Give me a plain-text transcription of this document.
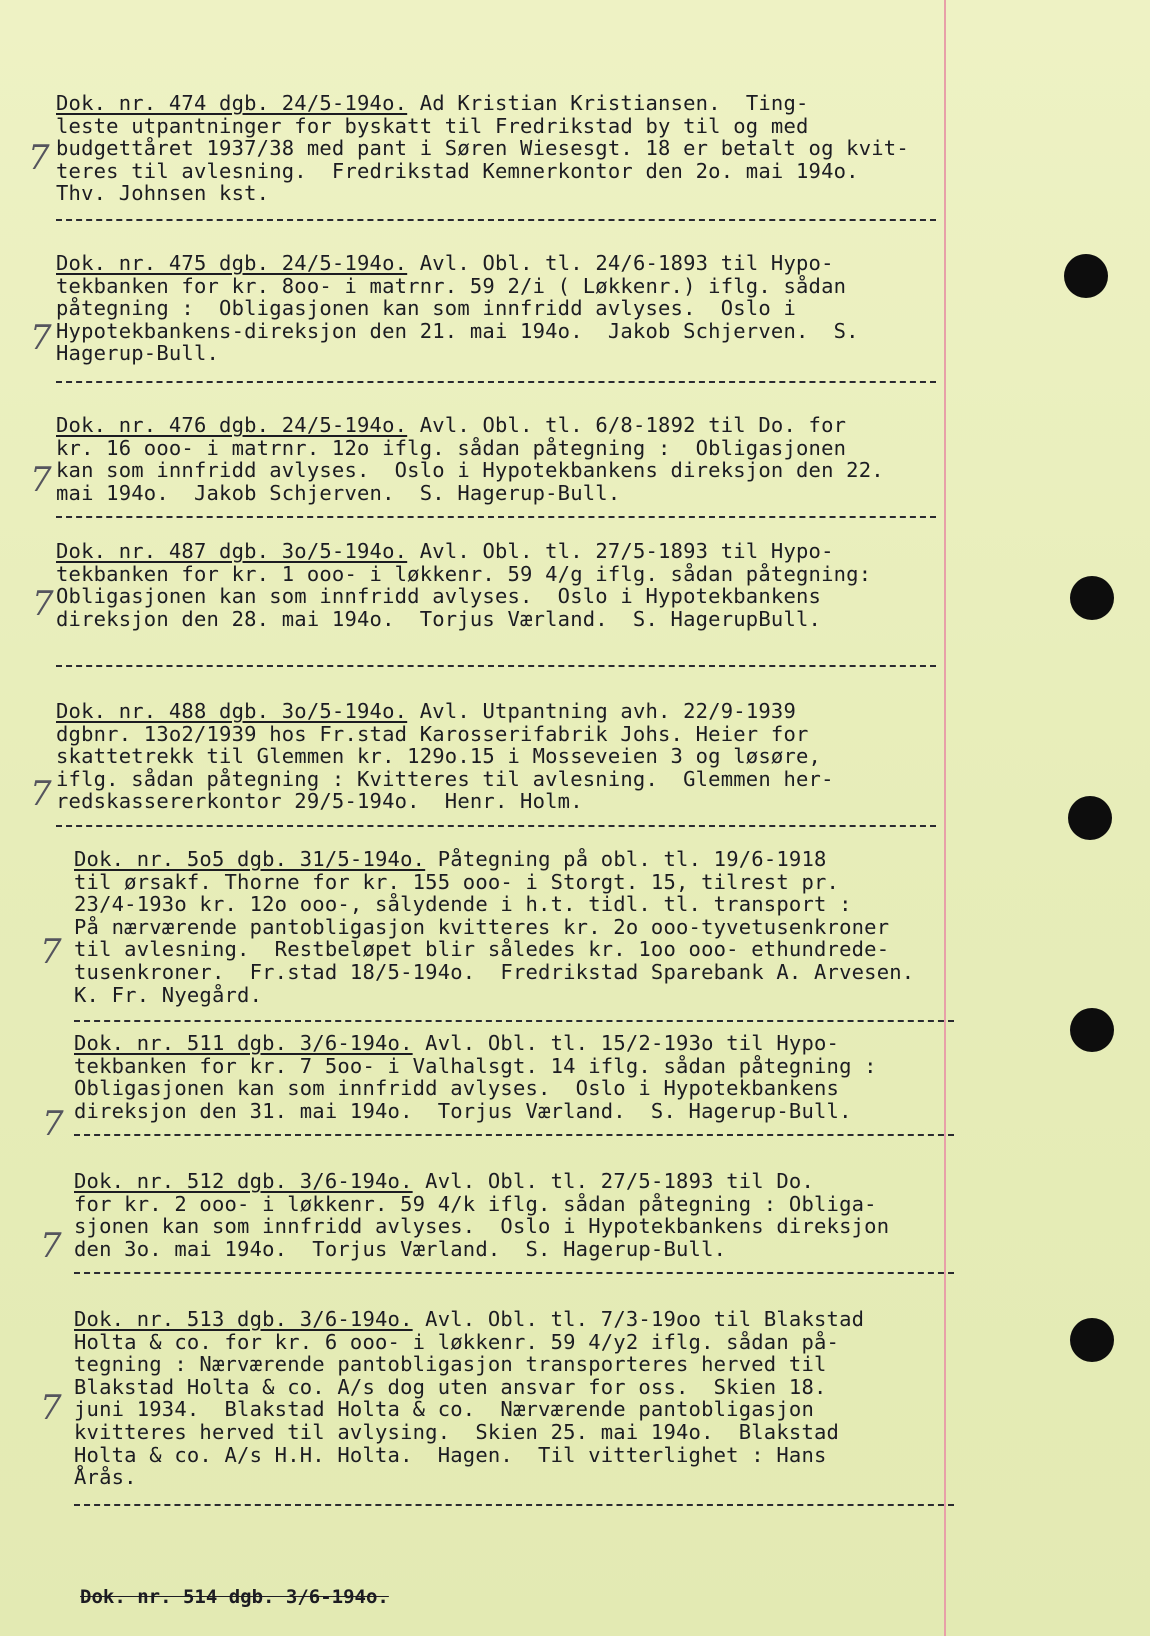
Dok. nr. 474 dgb. 24/5-194o. Ad Kristian Kristiansen.  Ting-
leste utpantninger for byskatt til Fredrikstad by til og med
budgettåret 1937/38 med pant i Søren Wiesesgt. 18 er betalt og kvit-
teres til avlesning.  Fredrikstad Kemnerkontor den 2o. mai 194o.
Thv. Johnsen kst.
Dok. nr. 475 dgb. 24/5-194o. Avl. Obl. tl. 24/6-1893 til Hypo-
tekbanken for kr. 8oo- i matrnr. 59 2/i ( Løkkenr.) iflg. sådan
påtegning :  Obligasjonen kan som innfridd avlyses.  Oslo i
Hypotekbankens-direksjon den 21. mai 194o.  Jakob Schjerven.  S.
Hagerup-Bull.
Dok. nr. 476 dgb. 24/5-194o. Avl. Obl. tl. 6/8-1892 til Do. for
kr. 16 ooo- i matrnr. 12o iflg. sådan påtegning :  Obligasjonen
kan som innfridd avlyses.  Oslo i Hypotekbankens direksjon den 22.
mai 194o.  Jakob Schjerven.  S. Hagerup-Bull.
Dok. nr. 487 dgb. 3o/5-194o. Avl. Obl. tl. 27/5-1893 til Hypo-
tekbanken for kr. 1 ooo- i løkkenr. 59 4/g iflg. sådan påtegning:
Obligasjonen kan som innfridd avlyses.  Oslo i Hypotekbankens
direksjon den 28. mai 194o.  Torjus Værland.  S. HagerupBull.
Dok. nr. 488 dgb. 3o/5-194o. Avl. Utpantning avh. 22/9-1939
dgbnr. 13o2/1939 hos Fr.stad Karosserifabrik Johs. Heier for
skattetrekk til Glemmen kr. 129o.15 i Mosseveien 3 og løsøre,
iflg. sådan påtegning : Kvitteres til avlesning.  Glemmen her-
redskassererkontor 29/5-194o.  Henr. Holm.
Dok. nr. 5o5 dgb. 31/5-194o. Påtegning på obl. tl. 19/6-1918
til ørsakf. Thorne for kr. 155 ooo- i Storgt. 15, tilrest pr.
23/4-193o kr. 12o ooo-, sålydende i h.t. tidl. tl. transport :
På nærværende pantobligasjon kvitteres kr. 2o ooo-tyvetusenkroner
til avlesning.  Restbeløpet blir således kr. 1oo ooo- ethundrede-
tusenkroner.  Fr.stad 18/5-194o.  Fredrikstad Sparebank A. Arvesen.
K. Fr. Nyegård.
Dok. nr. 511 dgb. 3/6-194o. Avl. Obl. tl. 15/2-193o til Hypo-
tekbanken for kr. 7 5oo- i Valhalsgt. 14 iflg. sådan påtegning :
Obligasjonen kan som innfridd avlyses.  Oslo i Hypotekbankens
direksjon den 31. mai 194o.  Torjus Værland.  S. Hagerup-Bull.
Dok. nr. 512 dgb. 3/6-194o. Avl. Obl. tl. 27/5-1893 til Do.
for kr. 2 ooo- i løkkenr. 59 4/k iflg. sådan påtegning : Obliga-
sjonen kan som innfridd avlyses.  Oslo i Hypotekbankens direksjon
den 3o. mai 194o.  Torjus Værland.  S. Hagerup-Bull.
Dok. nr. 513 dgb. 3/6-194o. Avl. Obl. tl. 7/3-19oo til Blakstad
Holta & co. for kr. 6 ooo- i løkkenr. 59 4/y2 iflg. sådan på-
tegning : Nærværende pantobligasjon transporteres herved til
Blakstad Holta & co. A/s dog uten ansvar for oss.  Skien 18.
juni 1934.  Blakstad Holta & co.  Nærværende pantobligasjon
kvitteres herved til avlysing.  Skien 25. mai 194o.  Blakstad
Holta & co. A/s H.H. Holta.  Hagen.  Til vitterlighet : Hans
Årås.
7
7
7
7
7
7
7
7
7
Dok. nr. 514 dgb. 3/6-194o.
